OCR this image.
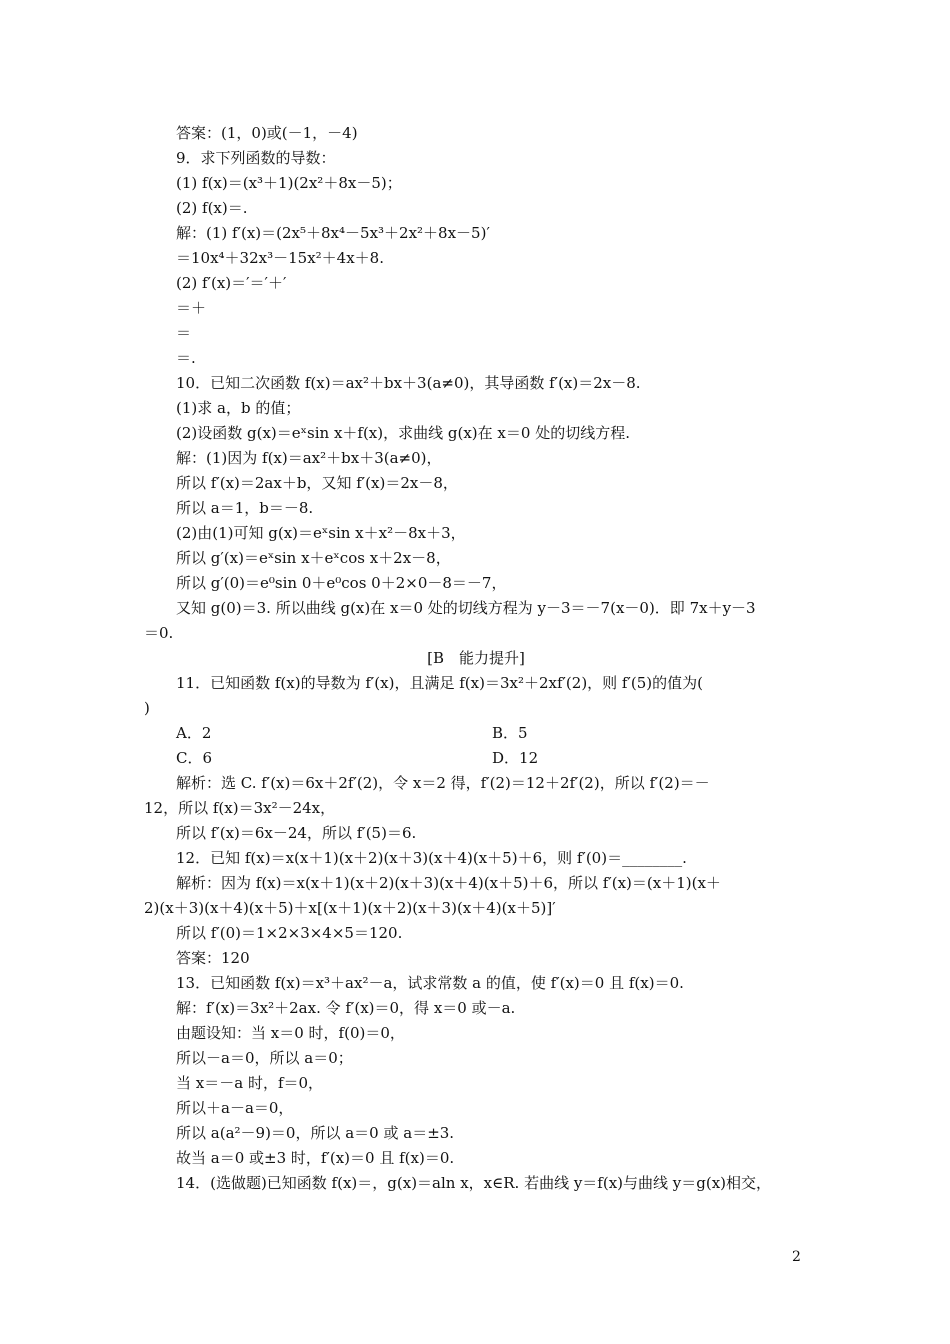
答案：(1，0)或(－1，－4)
9．求下列函数的导数：
(1) f(x)＝(x³＋1)(2x²＋8x－5)；
(2) f(x)＝.
解：(1) f′(x)＝(2x⁵＋8x⁴－5x³＋2x²＋8x－5)′
＝10x⁴＋32x³－15x²＋4x＋8.
(2) f′(x)＝′＝′＋′
＝＋
＝
＝.
10．已知二次函数 f(x)＝ax²＋bx＋3(a≠0)，其导函数 f′(x)＝2x－8.
(1)求 a，b 的值；
(2)设函数 g(x)＝eˣsin x＋f(x)，求曲线 g(x)在 x＝0 处的切线方程.
解：(1)因为 f(x)＝ax²＋bx＋3(a≠0)，
所以 f′(x)＝2ax＋b，又知 f′(x)＝2x－8，
所以 a＝1，b＝－8.
(2)由(1)可知 g(x)＝eˣsin x＋x²－8x＋3，
所以 g′(x)＝eˣsin x＋eˣcos x＋2x－8，
所以 g′(0)＝e⁰sin 0＋e⁰cos 0＋2×0－8＝－7，
又知 g(0)＝3. 所以曲线 g(x)在 x＝0 处的切线方程为 y－3＝－7(x－0)．即 7x＋y－3
＝0.
[B　能力提升]
11．已知函数 f(x)的导数为 f′(x)，且满足 f(x)＝3x²＋2xf′(2)，则 f′(5)的值为(
)
A．2	B．5
C．6	D．12
解析：选 C. f′(x)＝6x＋2f′(2)，令 x＝2 得，f′(2)＝12＋2f′(2)，所以 f′(2)＝－
12，所以 f(x)＝3x²－24x，
所以 f′(x)＝6x－24，所以 f′(5)＝6.
12．已知 f(x)＝x(x＋1)(x＋2)(x＋3)(x＋4)(x＋5)＋6，则 f′(0)＝________.
解析：因为 f(x)＝x(x＋1)(x＋2)(x＋3)(x＋4)(x＋5)＋6，所以 f′(x)＝(x＋1)(x＋
2)(x＋3)(x＋4)(x＋5)＋x[(x＋1)(x＋2)(x＋3)(x＋4)(x＋5)]′
所以 f′(0)＝1×2×3×4×5＝120.
答案：120
13．已知函数 f(x)＝x³＋ax²－a，试求常数 a 的值，使 f′(x)＝0 且 f(x)＝0.
解：f′(x)＝3x²＋2ax. 令 f′(x)＝0，得 x＝0 或－a.
由题设知：当 x＝0 时，f(0)＝0，
所以－a＝0，所以 a＝0；
当 x＝－a 时，f＝0，
所以＋a－a＝0，
所以 a(a²－9)＝0，所以 a＝0 或 a＝±3.
故当 a＝0 或±3 时，f′(x)＝0 且 f(x)＝0.
14．(选做题)已知函数 f(x)＝，g(x)＝aln x，x∈R. 若曲线 y＝f(x)与曲线 y＝g(x)相交，
2
